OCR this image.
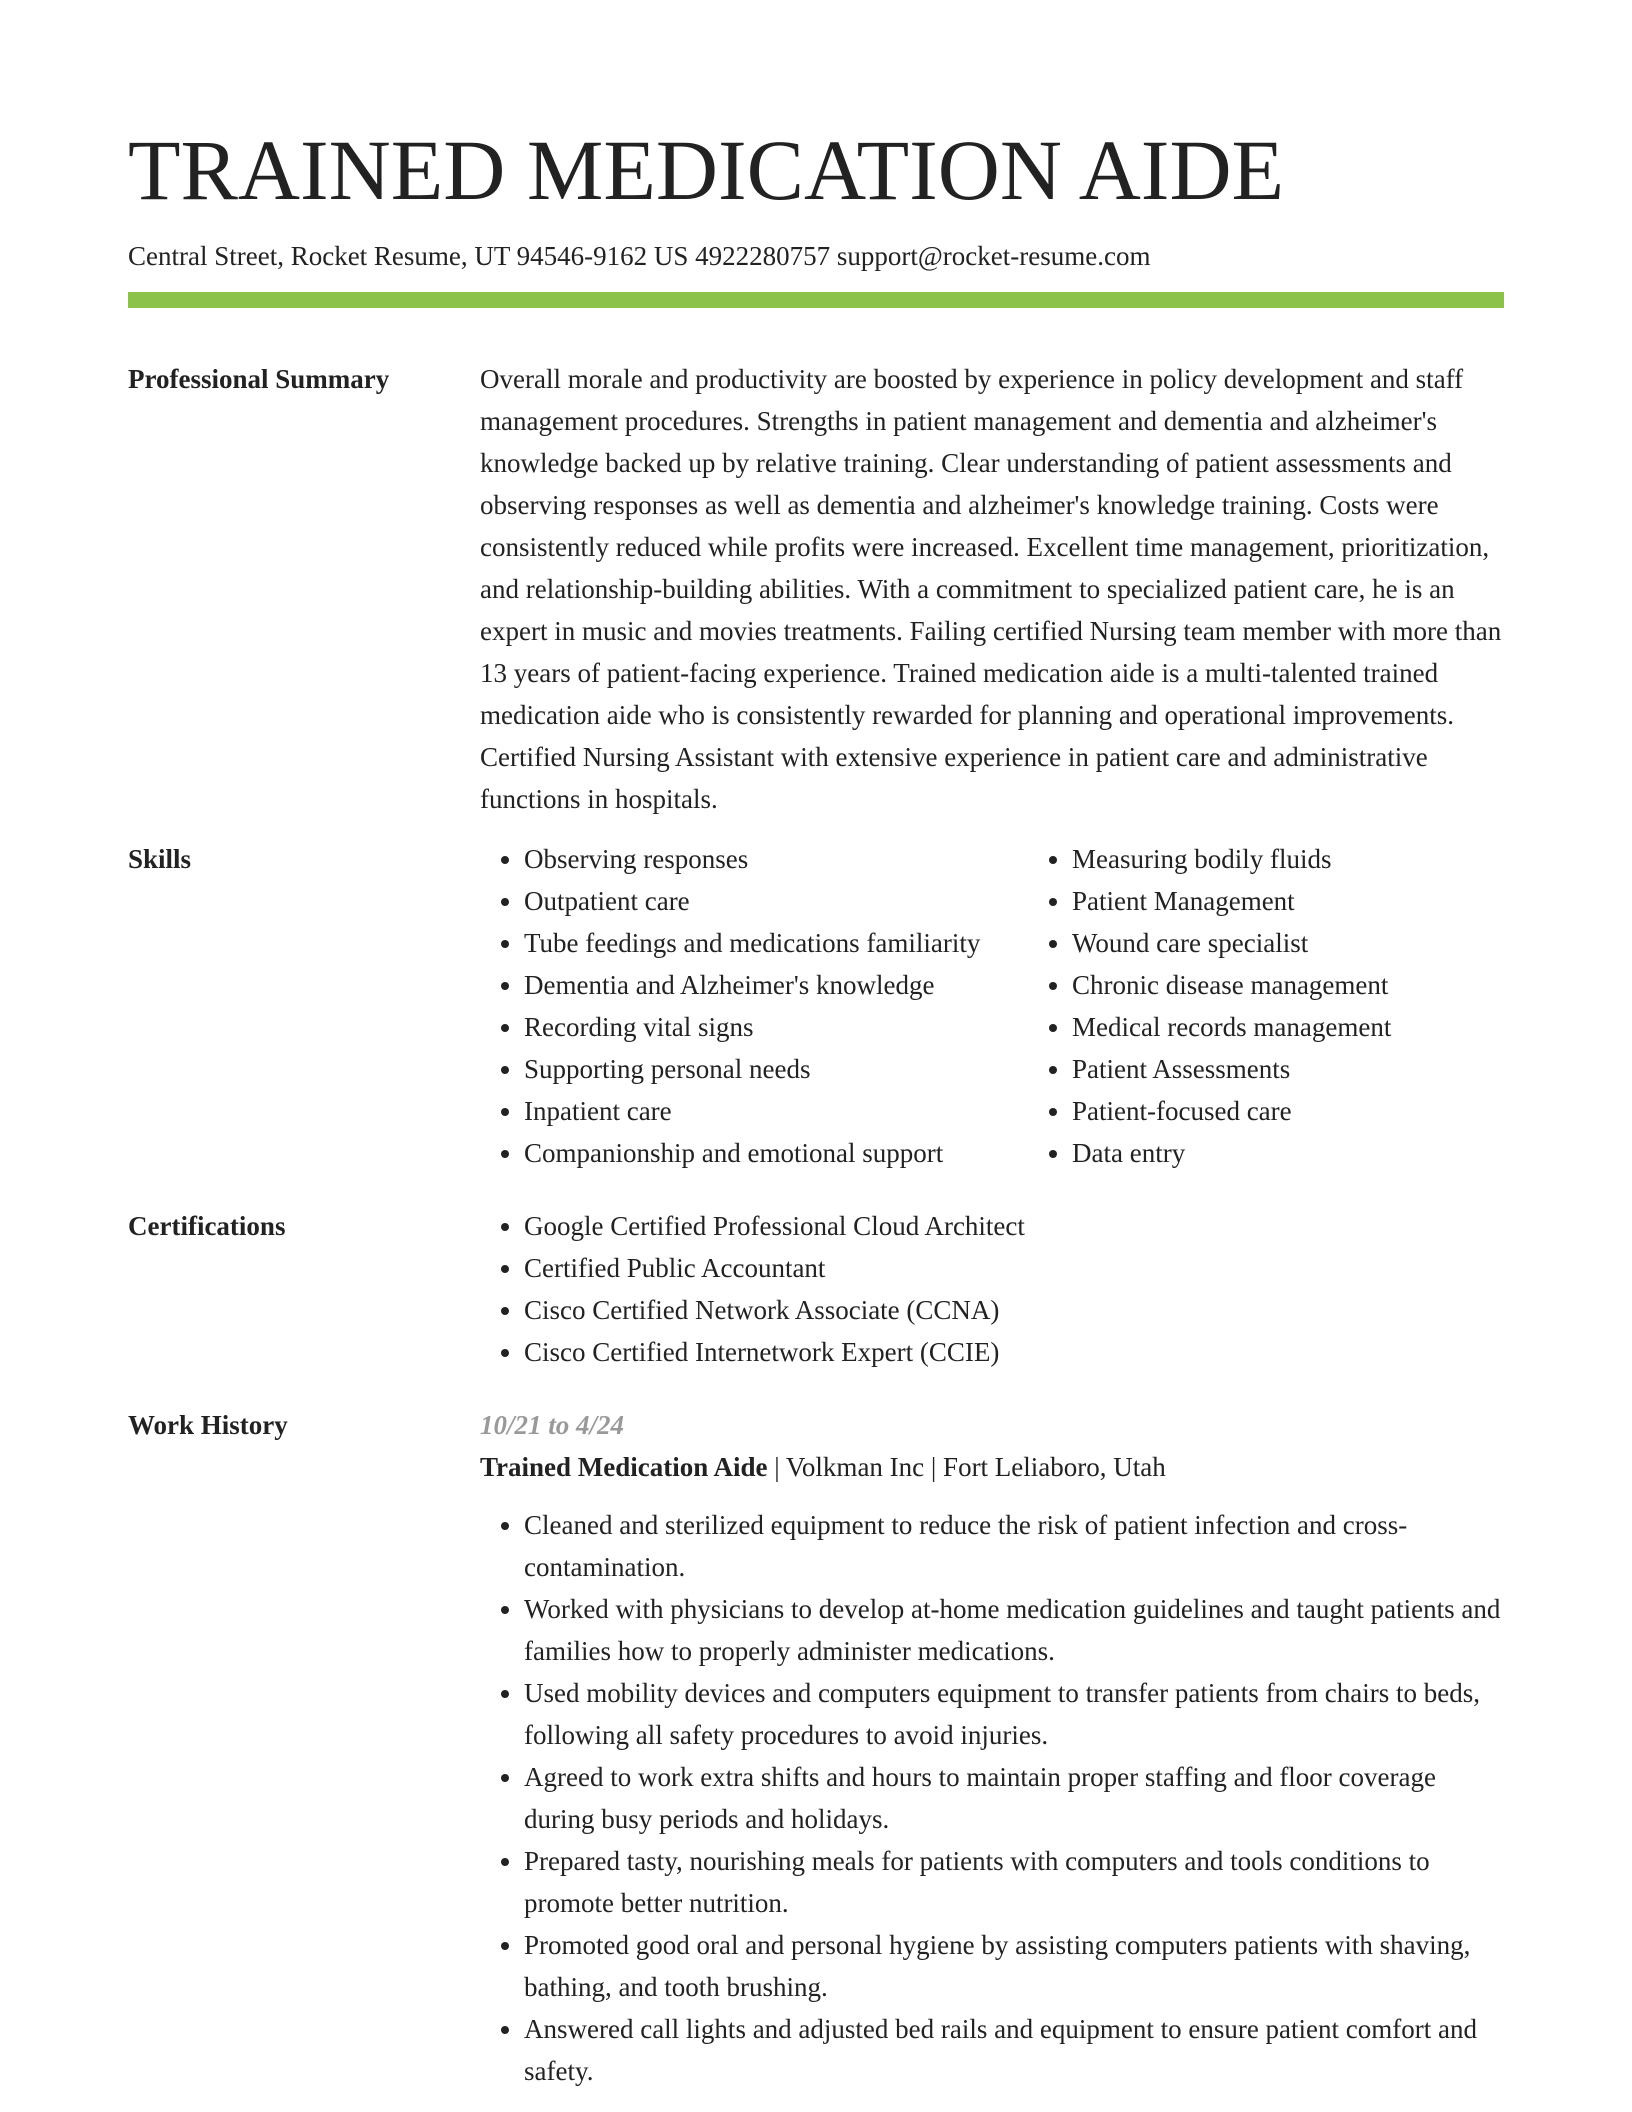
TRAINED MEDICATION AIDE
Central Street, Rocket Resume, UT 94546-9162 US 4922280757 support@rocket-resume.com
Professional Summary	Overall morale and productivity are boosted by experience in policy development and staff management procedures. Strengths in patient management and dementia and alzheimer's knowledge backed up by relative training. Clear understanding of patient assessments and observing responses as well as dementia and alzheimer's knowledge training. Costs were consistently reduced while profits were increased. Excellent time management, prioritization, and relationship-building abilities. With a commitment to specialized patient care, he is an expert in music and movies treatments. Failing certified Nursing team member with more than 13 years of patient-facing experience. Trained medication aide is a multi-talented trained medication aide who is consistently rewarded for planning and operational improvements. Certified Nursing Assistant with extensive experience in patient care and administrative functions in hospitals.

Skills	• Observing responses
• Outpatient care
• Tube feedings and medications familiarity
• Dementia and Alzheimer's knowledge
• Recording vital signs
• Supporting personal needs
• Inpatient care
• Companionship and emotional support
• Measuring bodily fluids
• Patient Management
• Wound care specialist
• Chronic disease management
• Medical records management
• Patient Assessments
• Patient-focused care
• Data entry
Certifications	• Google Certified Professional Cloud Architect
• Certified Public Accountant
• Cisco Certified Network Associate (CCNA)
• Cisco Certified Internetwork Expert (CCIE)
Work History	10/21 to 4/24
Trained Medication Aide | Volkman Inc | Fort Leliaboro, Utah
• Cleaned and sterilized equipment to reduce the risk of patient infection and cross-contamination.
• Worked with physicians to develop at-home medication guidelines and taught patients and families how to properly administer medications.
• Used mobility devices and computers equipment to transfer patients from chairs to beds, following all safety procedures to avoid injuries.
• Agreed to work extra shifts and hours to maintain proper staffing and floor coverage during busy periods and holidays.
• Prepared tasty, nourishing meals for patients with computers and tools conditions to promote better nutrition.
• Promoted good oral and personal hygiene by assisting computers patients with shaving, bathing, and tooth brushing.
• Answered call lights and adjusted bed rails and equipment to ensure patient comfort and safety.
